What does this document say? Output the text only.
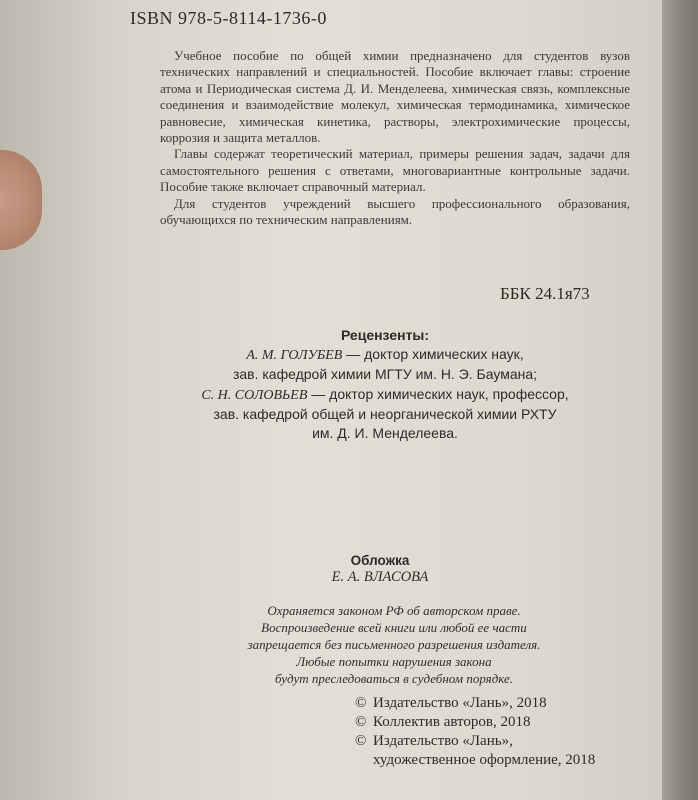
ISBN 978-5-8114-1736-0

Учебное пособие по общей химии предназначено для студентов вузов технических направлений и специальностей. Пособие включает главы: строение атома и Периодическая система Д. И. Менделеева, химическая связь, комплексные соединения и взаимодействие молекул, химическая термодинамика, химическое равновесие, химическая кинетика, растворы, электрохимические процессы, коррозия и защита металлов.

Главы содержат теоретический материал, примеры решения задач, задачи для самостоятельного решения с ответами, многовариантные контрольные задачи. Пособие также включает справочный материал.

Для студентов учреждений высшего профессионального образования, обучающихся по техническим направлениям.

ББК 24.1я73
Рецензенты:
А. М. ГОЛУБЕВ — доктор химических наук,
зав. кафедрой химии МГТУ им. Н. Э. Баумана;
С. Н. СОЛОВЬЕВ — доктор химических наук, профессор,
зав. кафедрой общей и неорганической химии РХТУ
им. Д. И. Менделеева.
Обложка
Е. А. ВЛАСОВА
Охраняется законом РФ об авторском праве.
Воспроизведение всей книги или любой ее части
запрещается без письменного разрешения издателя.
Любые попытки нарушения закона
будут преследоваться в судебном порядке.
© Издательство «Лань», 2018
© Коллектив авторов, 2018
© Издательство «Лань»,
художественное оформление, 2018
